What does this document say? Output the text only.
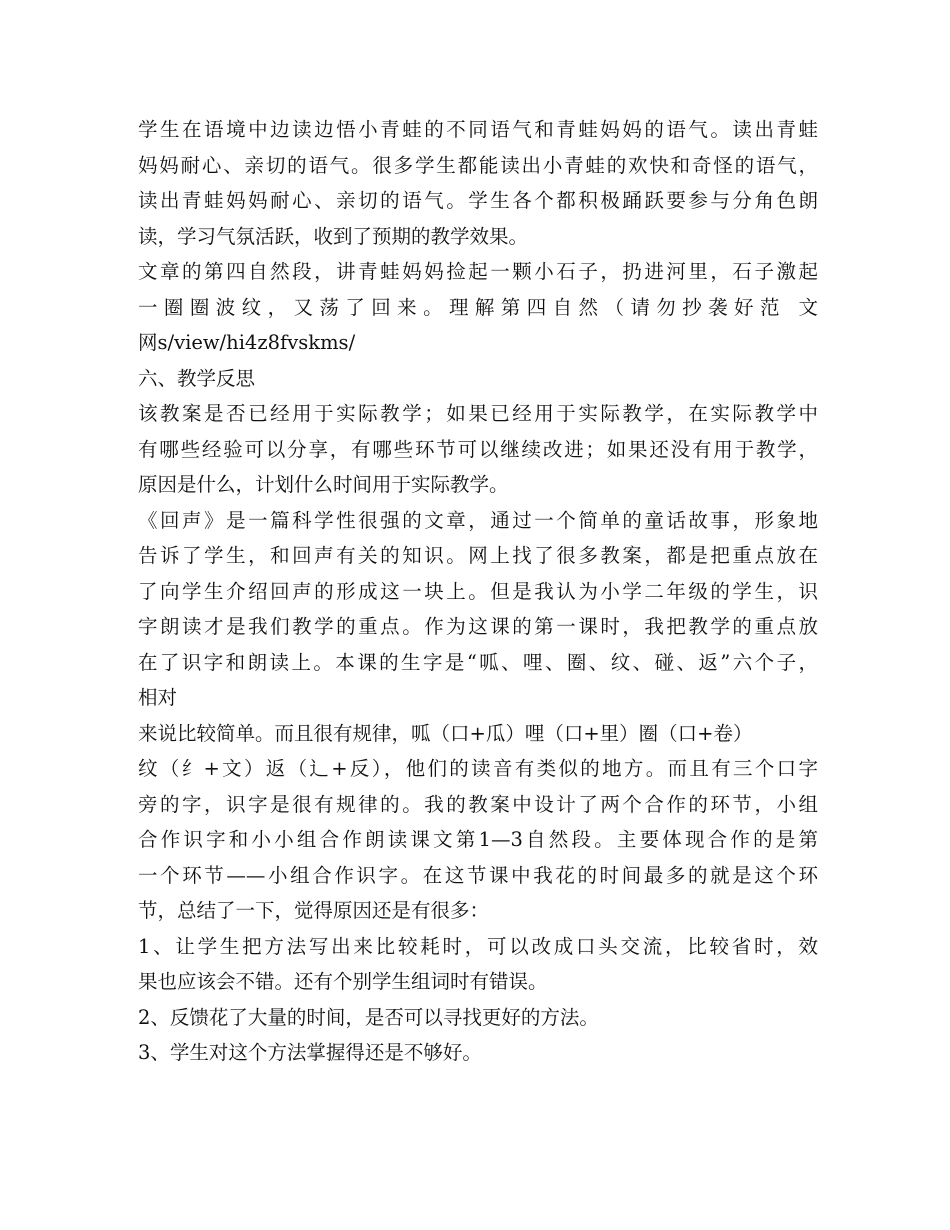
学生在语境中边读边悟小青蛙的不同语气和青蛙妈妈的语气。读出青蛙
妈妈耐心、亲切的语气。很多学生都能读出小青蛙的欢快和奇怪的语气，
读出青蛙妈妈耐心、亲切的语气。学生各个都积极踊跃要参与分角色朗
读，学习气氛活跃，收到了预期的教学效果。
文章的第四自然段，讲青蛙妈妈捡起一颗小石子，扔进河里，石子激起
一圈圈波纹，又荡了回来。理解第四自然（请勿抄袭好范 文
网s/view/hi4z8fvskms/
六、教学反思
该教案是否已经用于实际教学；如果已经用于实际教学，在实际教学中
有哪些经验可以分享，有哪些环节可以继续改进；如果还没有用于教学，
原因是什么，计划什么时间用于实际教学。
《回声》是一篇科学性很强的文章，通过一个简单的童话故事，形象地
告诉了学生，和回声有关的知识。网上找了很多教案，都是把重点放在
了向学生介绍回声的形成这一块上。但是我认为小学二年级的学生，识
字朗读才是我们教学的重点。作为这课的第一课时，我把教学的重点放
在了识字和朗读上。本课的生字是“呱、哩、圈、纹、碰、返”六个子，
相对
来说比较简单。而且很有规律，呱（口+瓜）哩（口+里）圈（口+卷）
纹（纟+文）返（辶+反），他们的读音有类似的地方。而且有三个口字
旁的字，识字是很有规律的。我的教案中设计了两个合作的环节，小组
合作识字和小小组合作朗读课文第1—3自然段。主要体现合作的是第
一个环节——小组合作识字。在这节课中我花的时间最多的就是这个环
节，总结了一下，觉得原因还是有很多：
1、让学生把方法写出来比较耗时，可以改成口头交流，比较省时，效
果也应该会不错。还有个别学生组词时有错误。
2、反馈花了大量的时间，是否可以寻找更好的方法。
3、学生对这个方法掌握得还是不够好。
